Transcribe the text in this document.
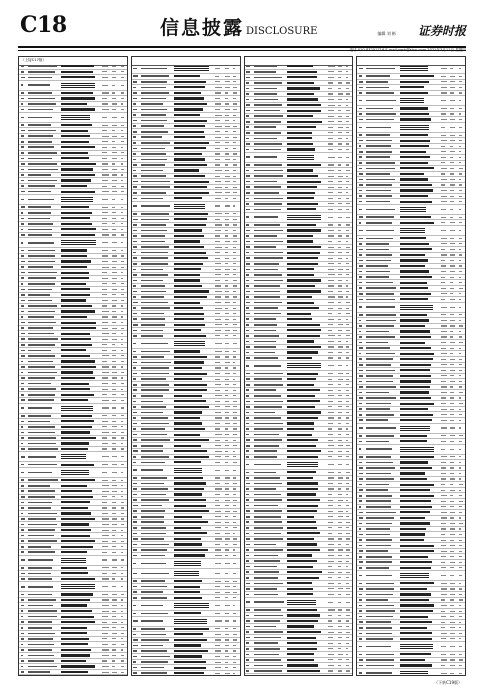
C18	信息披露 DISCLOSURE	编辑 刘 彬 证券时报
（上接C17版）
（下转C19版）
